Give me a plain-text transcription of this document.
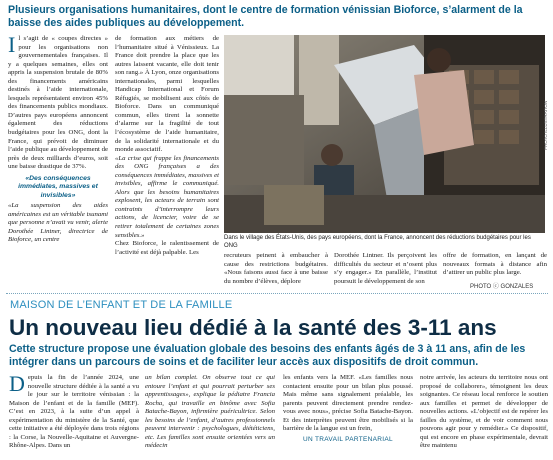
Plusieurs organisations humanitaires, dont le centre de formation vénissian Bioforce, s’alarment de la baisse des aides publiques au développement.
I l s’agit de « coupes directes » pour les organisations non gouvernementales françaises. Il y a quelques semaines, elles ont appris la suspension brutale de 80% des financements américains destinés à l’aide internationale, lesquels représentaient environ 45% des financements publics mondiaux. D’autres pays européens annoncent également des réductions budgétaires pour les ONG, dont la France, qui prévoit de diminuer l’aide publique au développement de près de deux milliards d’euros, soit une baisse drastique de 37%.

«Des conséquences immédiates, massives et invisibles»

«La suspension des aides américaines est un véritable tsunami que personne n’avait vu venir, alerte Dorothée Lintner, directrice de Bioforce, un centre

de formation aux métiers de l’humanitaire situé à Vénissieux. La France doit prendre la place que les autres laissent vacante, elle doit tenir son rang.» À Lyon, onze organisations internationales, parmi lesquelles Handicap International et Forum Réfugiés, se mobilisent aux côtés de Bioforce. Dans un communiqué commun, elles tirent la sonnette d’alarme sur la fragilité de tout l’écosystème de l’aide humanitaire, de la solidarité internationale et du monde associatif.

«La crise qui frappe les financements des ONG françaises a des conséquences immédiates, massives et invisibles, affirme le communiqué. Alors que les besoins humanitaires explosent, les acteurs de terrain sont contraints d’interrompre leurs actions, de licencier, voire de se retirer totalement de certaines zones sensibles.»

Chez Bioforce, le ralentissement de l’activité est déjà palpable. Les

PHOTO ILLUSTRATION
Dans le village des États-Unis, des pays européens, dont la France, annoncent des réductions budgétaires pour les ONG
recruteurs peinent à embaucher à cause des restrictions budgétaires. «Nous faisons aussi face à une baisse du nombre d’élèves, déplore
Dorothée Lintner. Ils perçoivent les difficultés du secteur et n’osent plus s’y engager.» En parallèle, l’institut poursuit le développement de son
offre de formation, en lançant de nouveaux formats à distance afin d’attirer un public plus large.
PHOTO ⓒ GONZALES
MAISON DE L’ENFANT ET DE LA FAMILLE
Un nouveau lieu dédié à la santé des 3-11 ans
Cette structure propose une évaluation globale des besoins des enfants âgés de 3 à 11 ans, afin de les intégrer dans un parcours de soins et de faciliter leur accès aux dispositifs de droit commun.
D epuis la fin de l’année 2024, une nouvelle structure dédiée à la santé a vu le jour sur le territoire vénissian : la Maison de l’enfant et de la famille (MEF). C’est en 2023, à la suite d’un appel à expérimentation du ministère de la Santé, que cette initiative a été déployée dans trois régions : la Corse, la Nouvelle-Aquitaine et Auvergne-Rhône-Alpes. Dans un

un bilan complet. On observe tout ce qui entoure l’enfant et qui pourrait perturber ses apprentissages», explique la pédiatre Francia Rocha, qui travaille en binôme avec Sofia Batache-Bayon, infirmière puéricultrice. Selon les besoins de l’enfant, d’autres professionnels peuvent intervenir : psychologues, diététiciens, etc. Les familles sont ensuite orientées vers un médecin

les enfants vers la MEF. «Les familles nous contactent ensuite pour un bilan plus poussé. Mais même sans signalement préalable, les parents peuvent directement prendre rendez-vous avec nous», précise Sofia Batache-Bayon. Et des interprètes peuvent être mobilisés si la barrière de la langue est un frein,

UN TRAVAIL PARTENARIAL
notre arrivée, les acteurs du territoire nous ont proposé de collaborer», témoignent les deux soignantes. Ce réseau local renforce le soutien aux familles et permet de développer de nouvelles actions. «L’objectif est de repérer les failles du système, et de voir comment nous pouvons agir pour y remédier.» Ce dispositif, qui est encore en phase expérimentale, devrait être maintenu
